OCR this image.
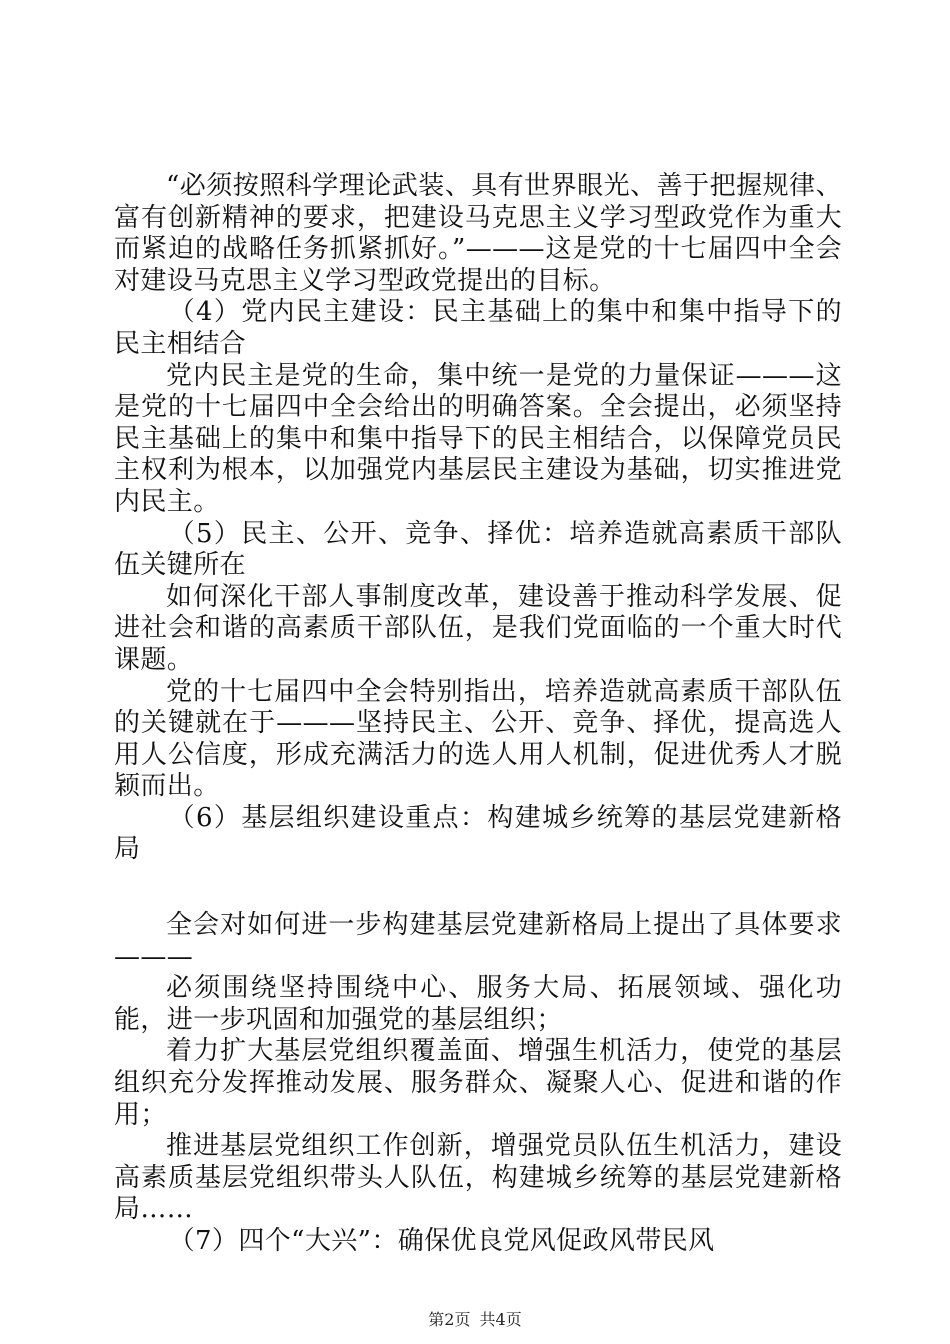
“必须按照科学理论武装、具有世界眼光、善于把握规律、富有创新精神的要求，把建设马克思主义学习型政党作为重大而紧迫的战略任务抓紧抓好。”———这是党的十七届四中全会对建设马克思主义学习型政党提出的目标。

（4）党内民主建设：民主基础上的集中和集中指导下的民主相结合

党内民主是党的生命，集中统一是党的力量保证———这是党的十七届四中全会给出的明确答案。全会提出，必须坚持民主基础上的集中和集中指导下的民主相结合，以保障党员民主权利为根本，以加强党内基层民主建设为基础，切实推进党内民主。

（5）民主、公开、竞争、择优：培养造就高素质干部队伍关键所在

如何深化干部人事制度改革，建设善于推动科学发展、促进社会和谐的高素质干部队伍，是我们党面临的一个重大时代课题。

党的十七届四中全会特别指出，培养造就高素质干部队伍的关键就在于———坚持民主、公开、竞争、择优，提高选人用人公信度，形成充满活力的选人用人机制，促进优秀人才脱颖而出。

（6）基层组织建设重点：构建城乡统筹的基层党建新格局

全会对如何进一步构建基层党建新格局上提出了具体要求———

必须围绕坚持围绕中心、服务大局、拓展领域、强化功能，进一步巩固和加强党的基层组织；

着力扩大基层党组织覆盖面、增强生机活力，使党的基层组织充分发挥推动发展、服务群众、凝聚人心、促进和谐的作用；

推进基层党组织工作创新，增强党员队伍生机活力，建设高素质基层党组织带头人队伍，构建城乡统筹的基层党建新格局……

（7）四个“大兴”：确保优良党风促政风带民风

第2页 共4页
